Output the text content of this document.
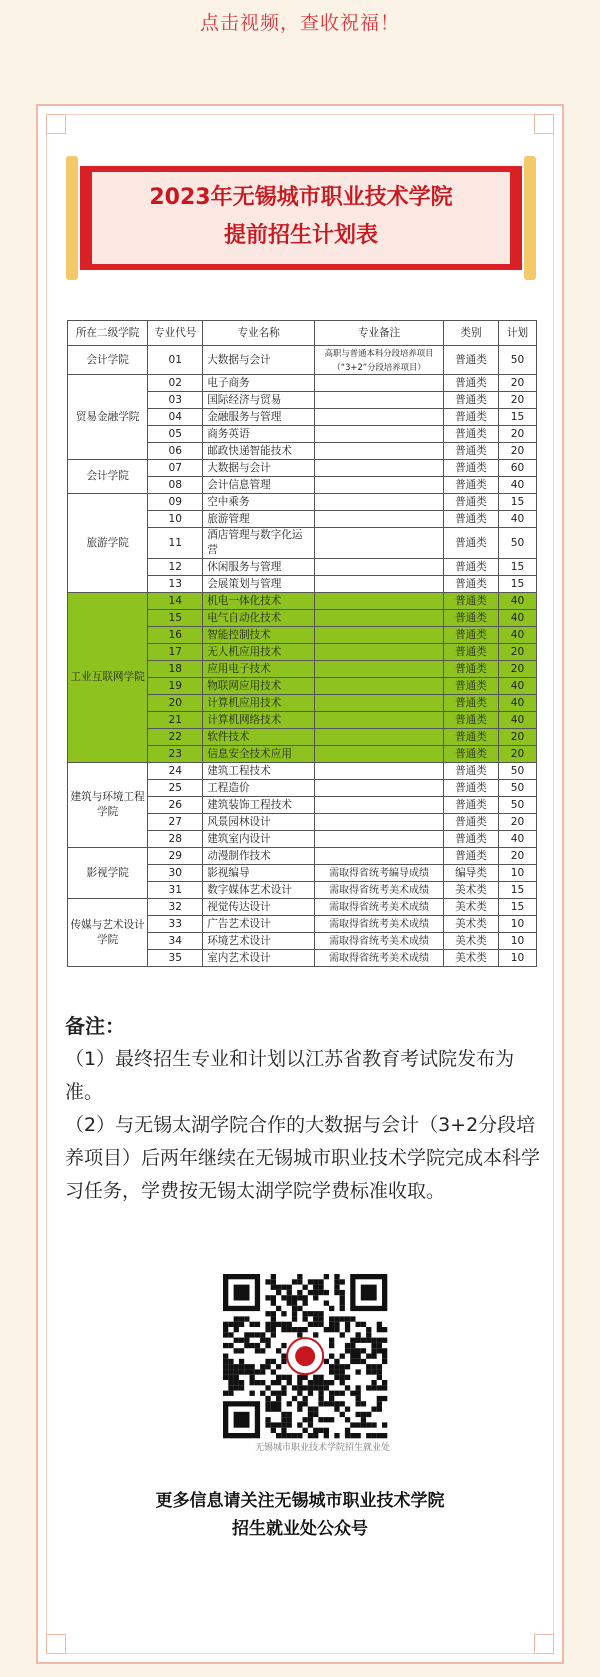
点击视频，查收祝福！
2023年无锡城市职业技术学院
提前招生计划表
所在二级学院	专业代号	专业名称	专业备注	类别	计划
会计学院	01	大数据与会计	高职与普通本科分段培养项目
（“3+2”分段培养项目）	普通类	50
贸易金融学院	02	电子商务		普通类	20
	03	国际经济与贸易		普通类	20
	04	金融服务与管理		普通类	15
	05	商务英语		普通类	20
	06	邮政快递智能技术		普通类	20
会计学院	07	大数据与会计		普通类	60
	08	会计信息管理		普通类	40
旅游学院	09	空中乘务		普通类	15
	10	旅游管理		普通类	40
	11	酒店管理与数字化运营		普通类	50
	12	休闲服务与管理		普通类	15
	13	会展策划与管理		普通类	15
工业互联网学院	14	机电一体化技术		普通类	40
	15	电气自动化技术		普通类	40
	16	智能控制技术		普通类	40
	17	无人机应用技术		普通类	20
	18	应用电子技术		普通类	20
	19	物联网应用技术		普通类	40
	20	计算机应用技术		普通类	40
	21	计算机网络技术		普通类	40
	22	软件技术		普通类	20
	23	信息安全技术应用		普通类	20
建筑与环境工程学院	24	建筑工程技术		普通类	50
	25	工程造价		普通类	50
	26	建筑装饰工程技术		普通类	50
	27	风景园林设计		普通类	20
	28	建筑室内设计		普通类	40
影视学院	29	动漫制作技术		普通类	20
	30	影视编导	需取得省统考编导成绩	编导类	10
	31	数字媒体艺术设计	需取得省统考美术成绩	美术类	15
传媒与艺术设计学院	32	视觉传达设计	需取得省统考美术成绩	美术类	15
	33	广告艺术设计	需取得省统考美术成绩	美术类	10
	34	环境艺术设计	需取得省统考美术成绩	美术类	10
	35	室内艺术设计	需取得省统考美术成绩	美术类	10
备注：
（1）最终招生专业和计划以江苏省教育考试院发布为准。
（2）与无锡太湖学院合作的大数据与会计（3+2分段培养项目）后两年继续在无锡城市职业技术学院完成本科学习任务，学费按无锡太湖学院学费标准收取。
无锡城市职业技术学院招生就业处
更多信息请关注无锡城市职业技术学院
招生就业处公众号
